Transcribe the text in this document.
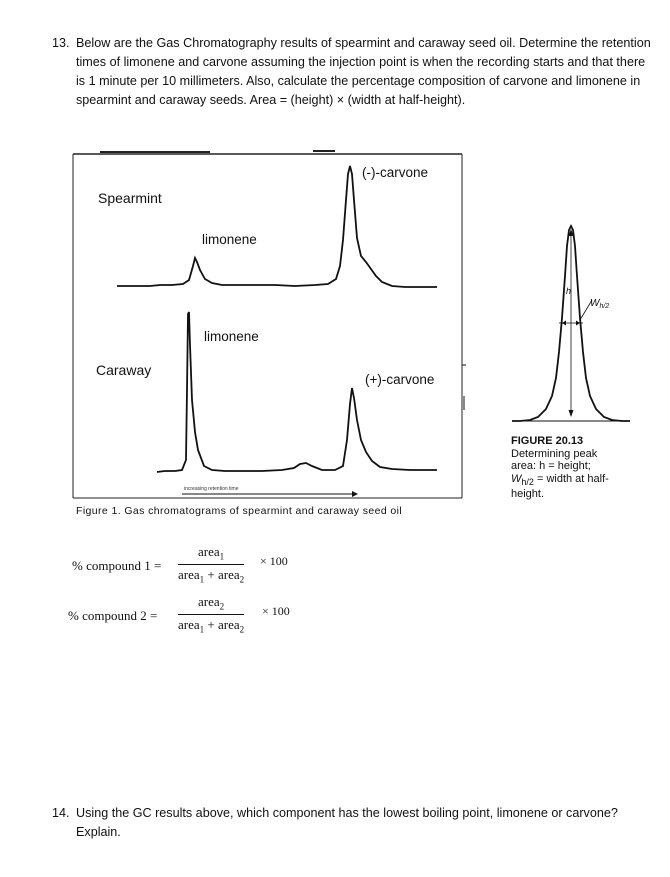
13. Below are the Gas Chromatography results of spearmint and caraway seed oil. Determine the retention times of limonene and carvone assuming the injection point is when the recording starts and that there is 1 minute per 10 millimeters. Also, calculate the percentage composition of carvone and limonene in spearmint and caraway seeds. Area = (height) × (width at half-height).
Spearmint
Caraway
limonene
(-)-carvone
limonene
(+)-carvone
increasing retention time
h
$W_{h/2}$
Figure 1. Gas chromatograms of spearmint and caraway seed oil
FIGURE 20.13
Determining peak
area: h = height;
$W_{h/2}$ = width at half-
height.
% compound 1 =
area$_1$
area$_1$ + area$_2$
× 100
% compound 2 =
area$_2$
area$_1$ + area$_2$
× 100
14. Using the GC results above, which component has the lowest boiling point, limonene or carvone? Explain.
